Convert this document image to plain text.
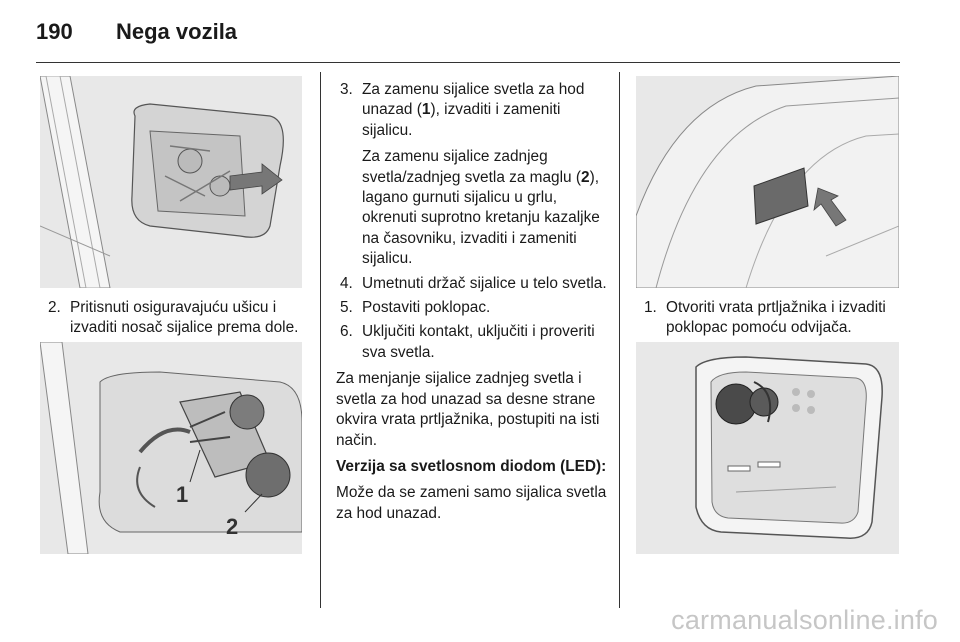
190	Nega vozila
2. Pritisnuti osiguravajuću ušicu i izvaditi nosač sijalice prema dole.

1
2
3. Za zamenu sijalice svetla za hod unazad (1), izvaditi i zameniti sijalicu.

Za zamenu sijalice zadnjeg svetla/zadnjeg svetla za maglu (2), lagano gurnuti sijalicu u grlu, okrenuti suprotno kretanju kazaljke na časovniku, izvaditi i zameniti sijalicu.

4. Umetnuti držač sijalice u telo svetla.

5. Postaviti poklopac.

6. Uključiti kontakt, uključiti i proveriti sva svetla.

Za menjanje sijalice zadnjeg svetla i svetla za hod unazad sa desne strane okvira vrata prtljažnika, postupiti na isti način.

Verzija sa svetlosnom diodom (LED):

Može da se zameni samo sijalica svetla za hod unazad.

1. Otvoriti vrata prtljažnika i izvaditi poklopac pomoću odvijača.

carmanualsonline.info
